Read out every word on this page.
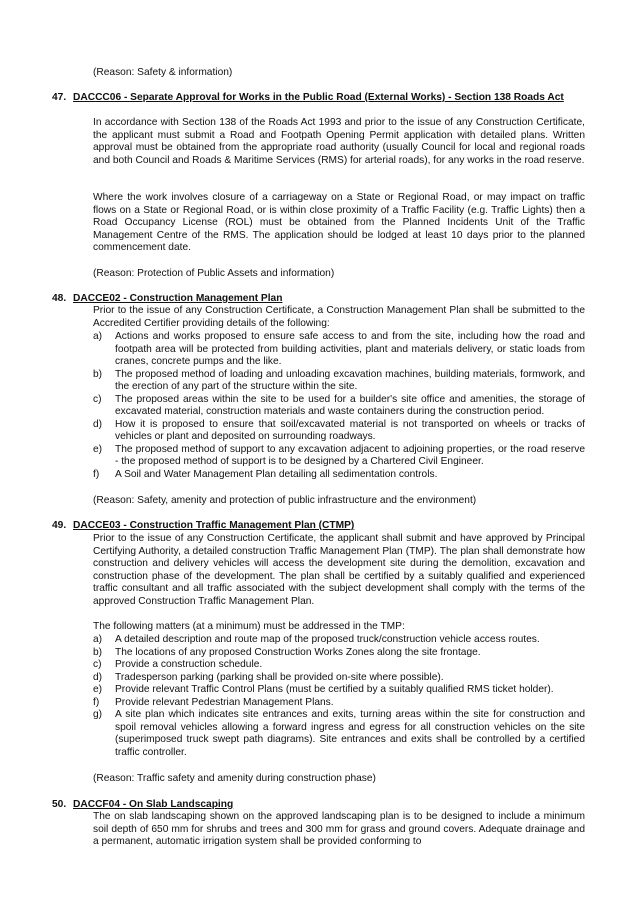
(Reason: Safety & information)
47. DACCC06 - Separate Approval for Works in the Public Road (External Works) - Section 138 Roads Act
In accordance with Section 138 of the Roads Act 1993 and prior to the issue of any Construction Certificate, the applicant must submit a Road and Footpath Opening Permit application with detailed plans. Written approval must be obtained from the appropriate road authority (usually Council for local and regional roads and both Council and Roads & Maritime Services (RMS) for arterial roads), for any works in the road reserve.
Where the work involves closure of a carriageway on a State or Regional Road, or may impact on traffic flows on a State or Regional Road, or is within close proximity of a Traffic Facility (e.g. Traffic Lights) then a Road Occupancy License (ROL) must be obtained from the Planned Incidents Unit of the Traffic Management Centre of the RMS. The application should be lodged at least 10 days prior to the planned commencement date.
(Reason: Protection of Public Assets and information)
48. DACCE02 - Construction Management Plan
Prior to the issue of any Construction Certificate, a Construction Management Plan shall be submitted to the Accredited Certifier providing details of the following:
a) Actions and works proposed to ensure safe access to and from the site, including how the road and footpath area will be protected from building activities, plant and materials delivery, or static loads from cranes, concrete pumps and the like.
b) The proposed method of loading and unloading excavation machines, building materials, formwork, and the erection of any part of the structure within the site.
c) The proposed areas within the site to be used for a builder's site office and amenities, the storage of excavated material, construction materials and waste containers during the construction period.
d) How it is proposed to ensure that soil/excavated material is not transported on wheels or tracks of vehicles or plant and deposited on surrounding roadways.
e) The proposed method of support to any excavation adjacent to adjoining properties, or the road reserve - the proposed method of support is to be designed by a Chartered Civil Engineer.
f) A Soil and Water Management Plan detailing all sedimentation controls.
(Reason: Safety, amenity and protection of public infrastructure and the environment)
49. DACCE03 - Construction Traffic Management Plan (CTMP)
Prior to the issue of any Construction Certificate, the applicant shall submit and have approved by Principal Certifying Authority, a detailed construction Traffic Management Plan (TMP). The plan shall demonstrate how construction and delivery vehicles will access the development site during the demolition, excavation and construction phase of the development. The plan shall be certified by a suitably qualified and experienced traffic consultant and all traffic associated with the subject development shall comply with the terms of the approved Construction Traffic Management Plan.
The following matters (at a minimum) must be addressed in the TMP:
a) A detailed description and route map of the proposed truck/construction vehicle access routes.
b) The locations of any proposed Construction Works Zones along the site frontage.
c) Provide a construction schedule.
d) Tradesperson parking (parking shall be provided on-site where possible).
e) Provide relevant Traffic Control Plans (must be certified by a suitably qualified RMS ticket holder).
f) Provide relevant Pedestrian Management Plans.
g) A site plan which indicates site entrances and exits, turning areas within the site for construction and spoil removal vehicles allowing a forward ingress and egress for all construction vehicles on the site (superimposed truck swept path diagrams). Site entrances and exits shall be controlled by a certified traffic controller.
(Reason: Traffic safety and amenity during construction phase)
50. DACCF04 - On Slab Landscaping
The on slab landscaping shown on the approved landscaping plan is to be designed to include a minimum soil depth of 650 mm for shrubs and trees and 300 mm for grass and ground covers. Adequate drainage and a permanent, automatic irrigation system shall be provided conforming to
